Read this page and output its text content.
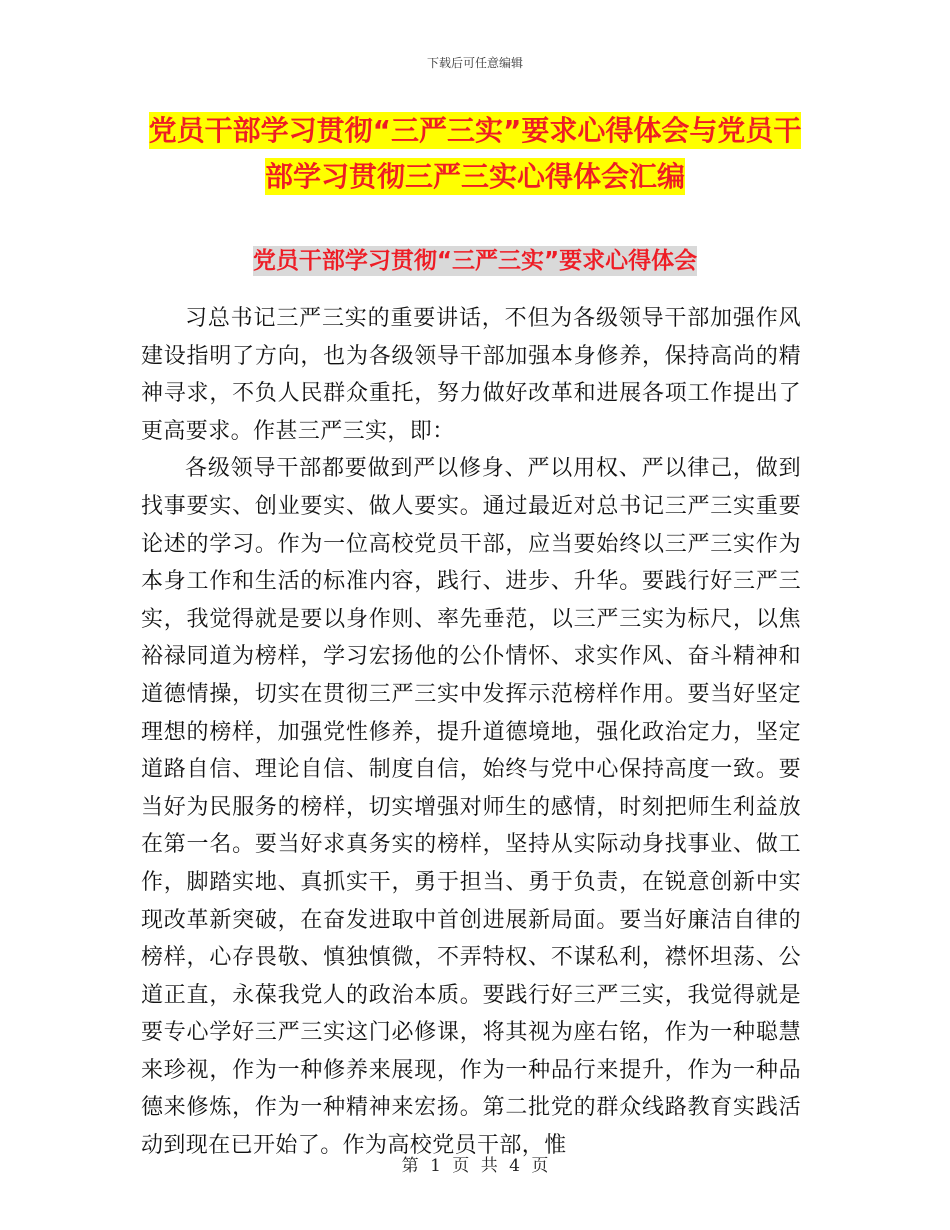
下载后可任意编辑
党员干部学习贯彻“三严三实”要求心得体会与党员干部学习贯彻三严三实心得体会汇编
党员干部学习贯彻“三严三实”要求心得体会

习总书记三严三实的重要讲话，不但为各级领导干部加强作风建设指明了方向，也为各级领导干部加强本身修养，保持高尚的精神寻求，不负人民群众重托，努力做好改革和进展各项工作提出了更高要求。作甚三严三实，即：

各级领导干部都要做到严以修身、严以用权、严以律己，做到找事要实、创业要实、做人要实。通过最近对总书记三严三实重要论述的学习。作为一位高校党员干部，应当要始终以三严三实作为本身工作和生活的标准内容，践行、进步、升华。要践行好三严三实，我觉得就是要以身作则、率先垂范，以三严三实为标尺，以焦裕禄同道为榜样，学习宏扬他的公仆情怀、求实作风、奋斗精神和道德情操，切实在贯彻三严三实中发挥示范榜样作用。要当好坚定理想的榜样，加强党性修养，提升道德境地，强化政治定力，坚定道路自信、理论自信、制度自信，始终与党中心保持高度一致。要当好为民服务的榜样，切实增强对师生的感情，时刻把师生利益放在第一名。要当好求真务实的榜样，坚持从实际动身找事业、做工作，脚踏实地、真抓实干，勇于担当、勇于负责，在锐意创新中实现改革新突破，在奋发进取中首创进展新局面。要当好廉洁自律的榜样，心存畏敬、慎独慎微，不弄特权、不谋私利，襟怀坦荡、公道正直，永葆我党人的政治本质。要践行好三严三实，我觉得就是要专心学好三严三实这门必修课，将其视为座右铭，作为一种聪慧来珍视，作为一种修养来展现，作为一种品行来提升，作为一种品德来修炼，作为一种精神来宏扬。第二批党的群众线路教育实践活动到现在已开始了。作为高校党员干部，惟

第 1 页 共 4 页
